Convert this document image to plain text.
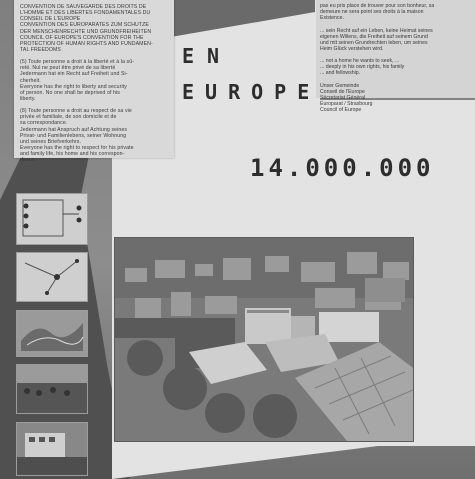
CONVENTION DE SAUVEGARDE DES DROITS DE
L'HOMME ET DES LIBERTES FONDAMENTALES DU
CONSEIL DE L'EUROPE
CONVENTION DES EUROPARATES ZUM SCHUTZE
DER MENSCHENRECHTE UND GRUNDFREIHEITEN
COUNCIL OF EUROPE'S CONVENTION FOR THE
PROTECTION OF HUMAN RIGHTS AND FUNDAMEN-
TAL FREEDOMS

(5) Toute personne a droit à la liberté et à la sû-
reté. Nul ne peut être privé de sa liberté
Jedermann hat ein Recht auf Freiheit und Si-
cherheit.
Everyone has the right to liberty and security
of person. No one shall be deprived of his
liberty.

(8) Toute personne a droit au respect de sa vie
privée et familiale, de son domicile et de
sa correspondance.
Jedermann hat Anspruch auf Achtung seines
Privat- und Familienlebens, seiner Wohnung
und seines Briefverkehrs.
Everyone has the right to respect for his private
and family life, his home and his correspon-
dence.
pas eu pris place de trouver pour son bonheur, sa
demeure ne sera point ses droits à la maison
Existence.

... sein Recht auf ein Leben, keine Heimat seines
eigenen Willens, die Freiheit auf seinem Grund
und mit seinen Grundrechten leben, um seines
Heim Glück verstehen wird.

... not a home he wants to seek, ...
... deeply in his own rights, his family
... and fellowship.

Unser Gemeinde
Conseil de l'Europe
Sécretariat Général
Europarat / Strasbourg
Council of Europe
EN
EUROPE
14.000.000
